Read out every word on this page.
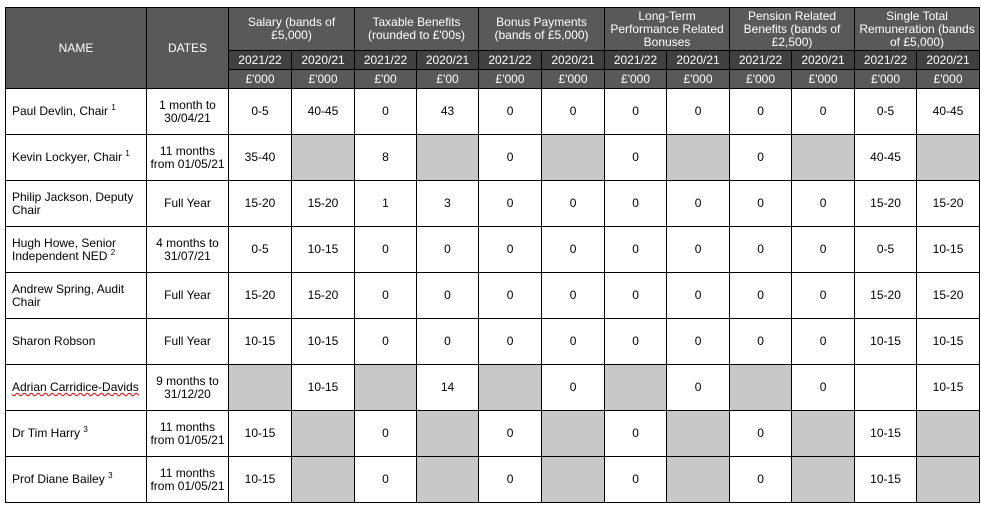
NAME	DATES	Salary (bands of £5,000)		Taxable Benefits (rounded to £'00s)		Bonus Payments (bands of £5,000)		Long-Term Performance Related Bonuses		Pension Related Benefits (bands of £2,500)		Single Total Remuneration (bands of £5,000)	
		2021/22	2020/21	2021/22	2020/21	2021/22	2020/21	2021/22	2020/21	2021/22	2020/21	2021/22	2020/21
		£'000	£'000	£'00	£'00	£'000	£'000	£'000	£'000	£'000	£'000	£'000	£'000
Paul Devlin, Chair $^1$	1 month to 30/04/21	0-5	40-45	0	43	0	0	0	0	0	0	0-5	40-45
Kevin Lockyer, Chair $^1$	11 months from 01/05/21	35-40		8		0		0		0		40-45	
Philip Jackson, Deputy Chair	Full Year	15-20	15-20	1	3	0	0	0	0	0	0	15-20	15-20
Hugh Howe, Senior Independent NED $^2$	4 months to 31/07/21	0-5	10-15	0	0	0	0	0	0	0	0	0-5	10-15
Andrew Spring, Audit Chair	Full Year	15-20	15-20	0	0	0	0	0	0	0	0	15-20	15-20
Sharon Robson	Full Year	10-15	10-15	0	0	0	0	0	0	0	0	10-15	10-15
Adrian Carridice-Davids	9 months to 31/12/20		10-15		14		0		0		0		10-15
Dr Tim Harry $^3$	11 months from 01/05/21	10-15		0		0		0		0		10-15	
Prof Diane Bailey $^3$	11 months from 01/05/21	10-15		0		0		0		0		10-15	
